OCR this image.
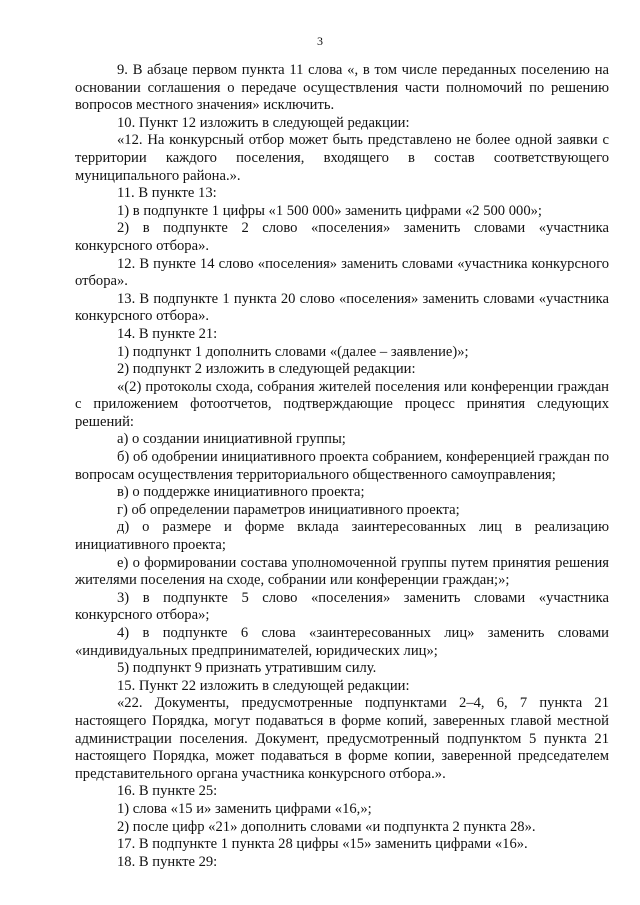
3

9. В абзаце первом пункта 11 слова «, в том числе переданных поселению на основании соглашения о передаче осуществления части полномочий по решению вопросов местного значения» исключить.

10. Пункт 12 изложить в следующей редакции:

«12. На конкурсный отбор может быть представлено не более одной заявки с территории каждого поселения, входящего в состав соответствующего муниципального района.».

11. В пункте 13:

1) в подпункте 1 цифры «1 500 000» заменить цифрами «2 500 000»;

2) в подпункте 2 слово «поселения» заменить словами «участника конкурсного отбора».

12. В пункте 14 слово «поселения» заменить словами «участника конкурсного отбора».

13. В подпункте 1 пункта 20 слово «поселения» заменить словами «участника конкурсного отбора».

14. В пункте 21:

1) подпункт 1 дополнить словами «(далее – заявление)»;

2) подпункт 2 изложить в следующей редакции:

«(2) протоколы схода, собрания жителей поселения или конференции граждан с приложением фотоотчетов, подтверждающие процесс принятия следующих решений:

а) о создании инициативной группы;

б) об одобрении инициативного проекта собранием, конференцией граждан по вопросам осуществления территориального общественного самоуправления;

в) о поддержке инициативного проекта;

г) об определении параметров инициативного проекта;

д) о размере и форме вклада заинтересованных лиц в реализацию инициативного проекта;

е) о формировании состава уполномоченной группы путем принятия решения жителями поселения на сходе, собрании или конференции граждан;»;

3) в подпункте 5 слово «поселения» заменить словами «участника конкурсного отбора»;

4) в подпункте 6 слова «заинтересованных лиц» заменить словами «индивидуальных предпринимателей, юридических лиц»;

5) подпункт 9 признать утратившим силу.

15. Пункт 22 изложить в следующей редакции:

«22. Документы, предусмотренные подпунктами 2–4, 6, 7 пункта 21 настоящего Порядка, могут подаваться в форме копий, заверенных главой местной администрации поселения. Документ, предусмотренный подпунктом 5 пункта 21 настоящего Порядка, может подаваться в форме копии, заверенной председателем представительного органа участника конкурсного отбора.».

16. В пункте 25:

1) слова «15 и» заменить цифрами «16,»;

2) после цифр «21» дополнить словами «и подпункта 2 пункта 28».

17. В подпункте 1 пункта 28 цифры «15» заменить цифрами «16».

18. В пункте 29:
